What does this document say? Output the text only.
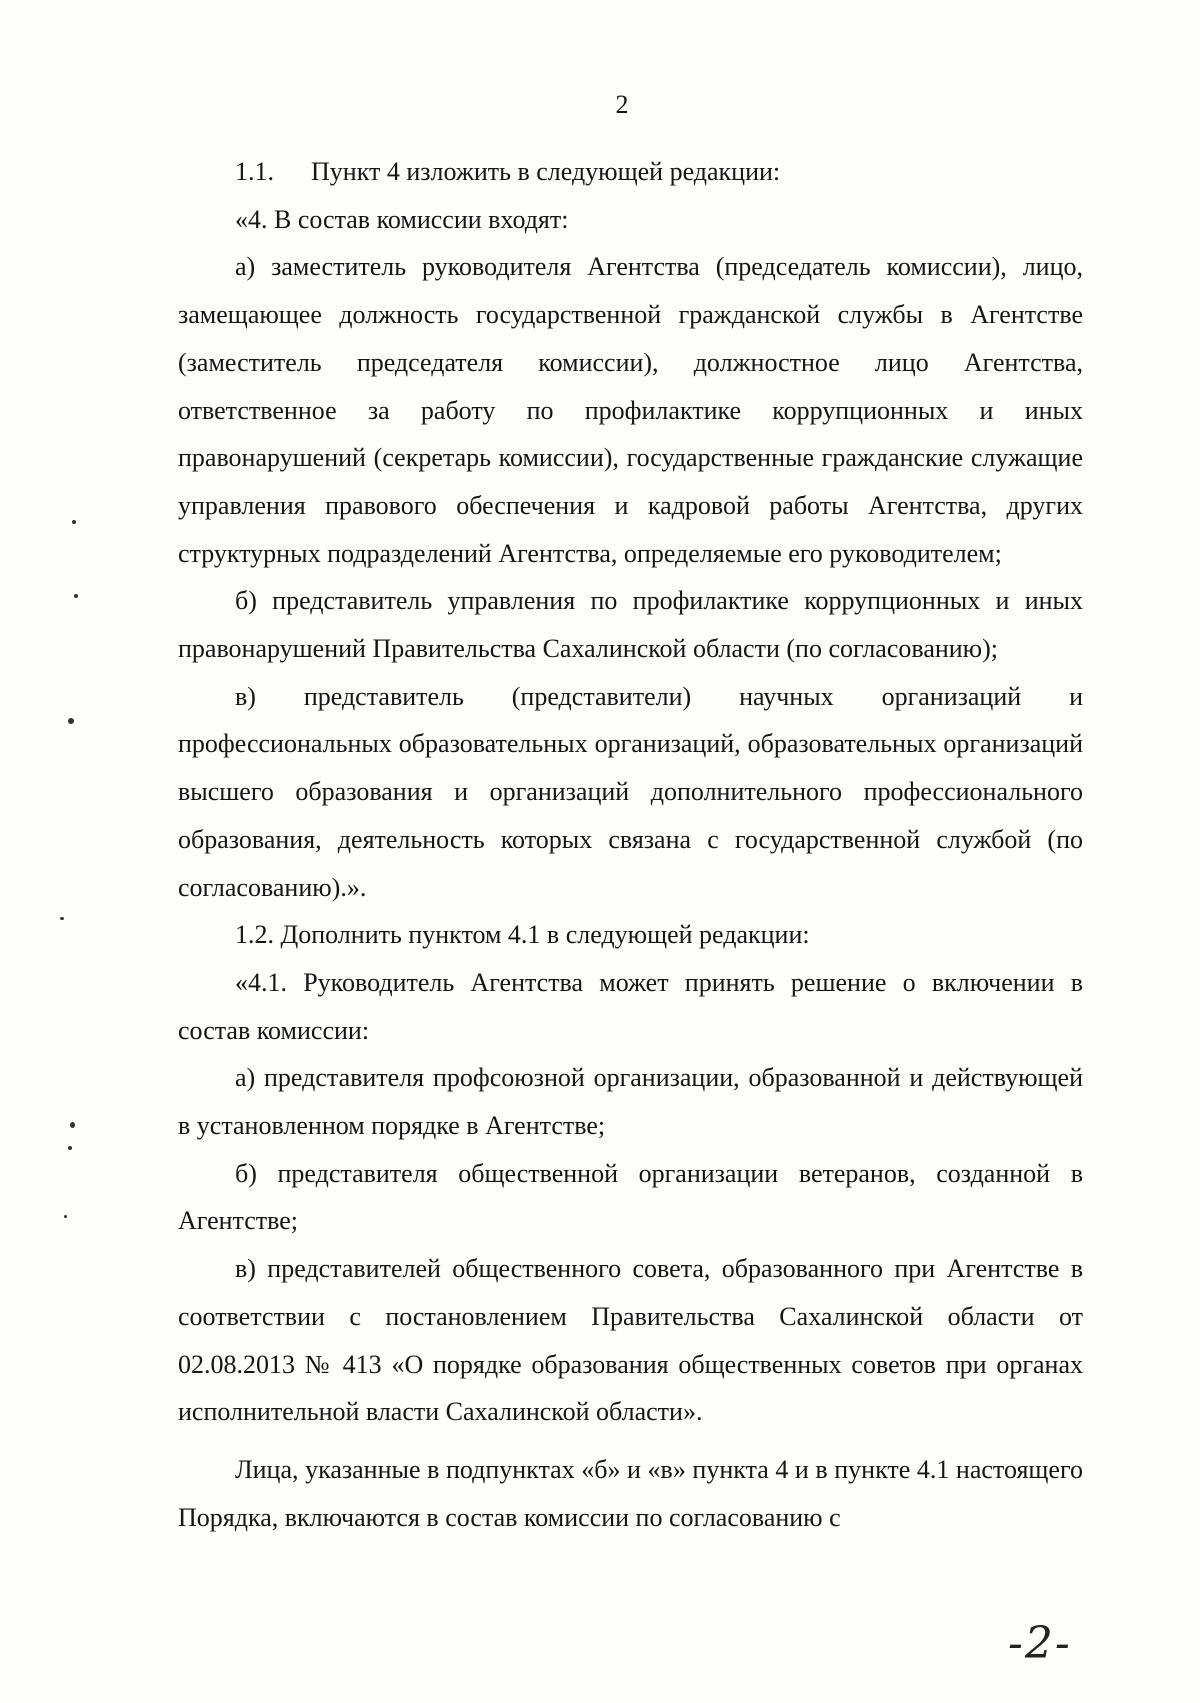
2

1.1. Пункт 4 изложить в следующей редакции:

«4. В состав комиссии входят:

а) заместитель руководителя Агентства (председатель комиссии), лицо, замещающее должность государственной гражданской службы в Агентстве (заместитель председателя комиссии), должностное лицо Агентства, ответственное за работу по профилактике коррупционных и иных правонарушений (секретарь комиссии), государственные гражданские служащие управления правового обеспечения и кадровой работы Агентства, других структурных подразделений Агентства, определяемые его руководителем;

б) представитель управления по профилактике коррупционных и иных правонарушений Правительства Сахалинской области (по согласованию);

в) представитель (представители) научных организаций и профессиональных образовательных организаций, образовательных организаций высшего образования и организаций дополнительного профессионального образования, деятельность которых связана с государственной службой (по согласованию).».

1.2. Дополнить пунктом 4.1 в следующей редакции:

«4.1. Руководитель Агентства может принять решение о включении в состав комиссии:

а) представителя профсоюзной организации, образованной и действующей в установленном порядке в Агентстве;

б) представителя общественной организации ветеранов, созданной в Агентстве;

в) представителей общественного совета, образованного при Агентстве в соответствии с постановлением Правительства Сахалинской области от 02.08.2013 № 413 «О порядке образования общественных советов при органах исполнительной власти Сахалинской области».

Лица, указанные в подпунктах «б» и «в» пункта 4 и в пункте 4.1 настоящего Порядка, включаются в состав комиссии по согласованию с

-2-
